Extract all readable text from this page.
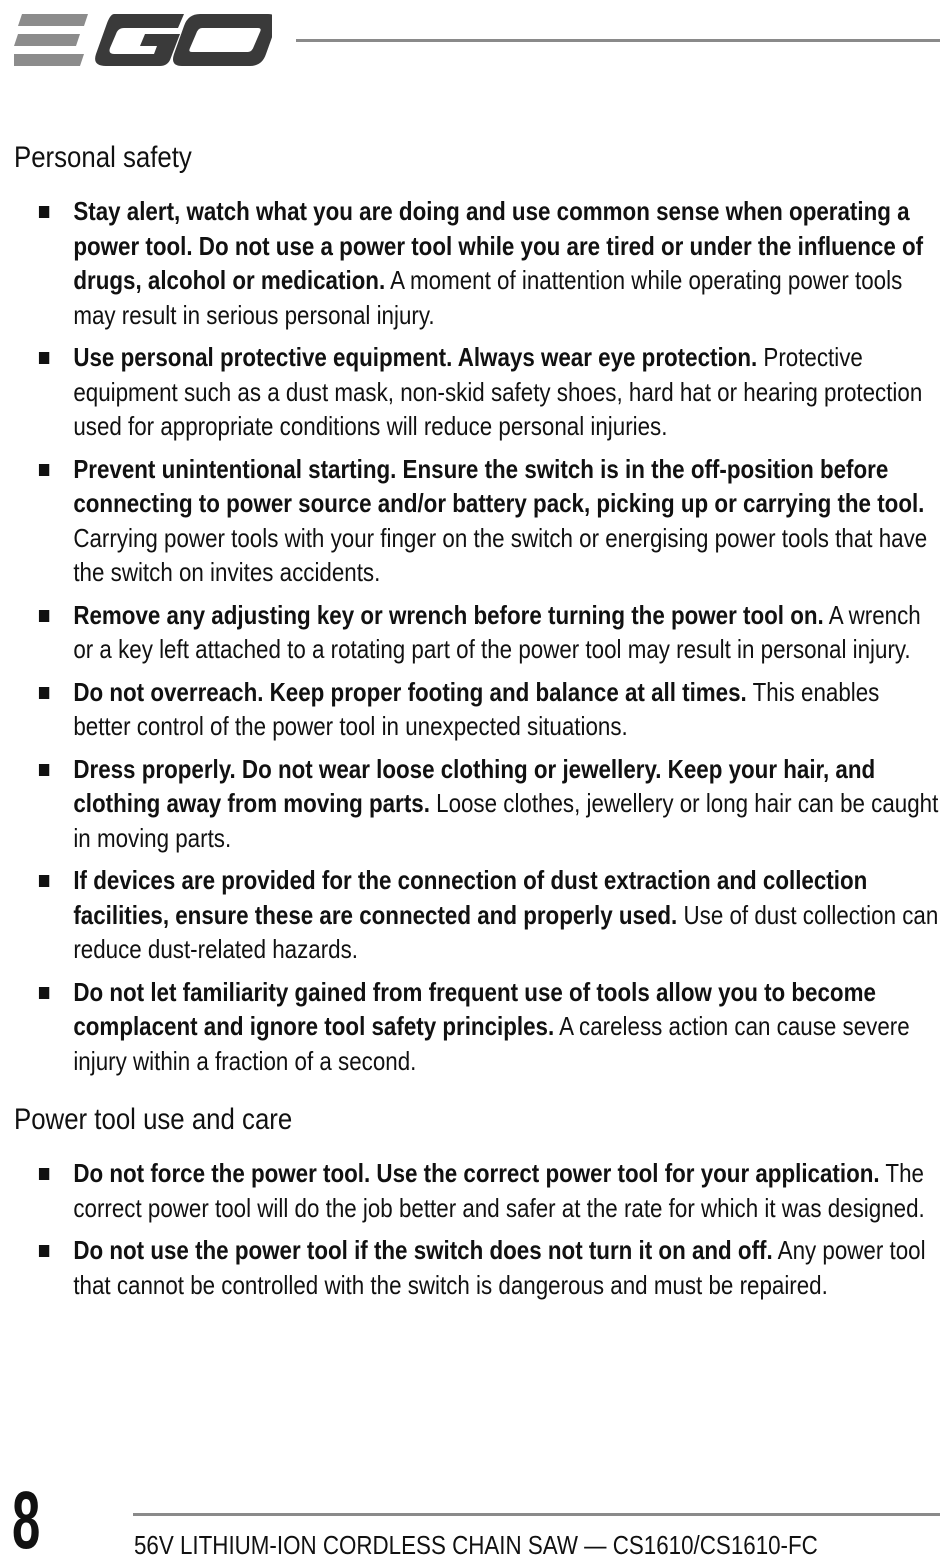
Personal safety
Stay alert, watch what you are doing and use common sense when operating a power tool. Do not use a power tool while you are tired or under the influence of drugs, alcohol or medication. A moment of inattention while operating power tools may result in serious personal injury.
Use personal protective equipment. Always wear eye protection. Protective equipment such as a dust mask, non-skid safety shoes, hard hat or hearing protection used for appropriate conditions will reduce personal injuries.
Prevent unintentional starting. Ensure the switch is in the off-position before connecting to power source and/or battery pack, picking up or carrying the tool. Carrying power tools with your finger on the switch or energising power tools that have the switch on invites accidents.
Remove any adjusting key or wrench before turning the power tool on. A wrench or a key left attached to a rotating part of the power tool may result in personal injury.
Do not overreach. Keep proper footing and balance at all times. This enables better control of the power tool in unexpected situations.
Dress properly. Do not wear loose clothing or jewellery. Keep your hair, and clothing away from moving parts. Loose clothes, jewellery or long hair can be caught in moving parts.
If devices are provided for the connection of dust extraction and collection facilities, ensure these are connected and properly used. Use of dust collection can reduce dust-related hazards.
Do not let familiarity gained from frequent use of tools allow you to become complacent and ignore tool safety principles. A careless action can cause severe injury within a fraction of a second.
Power tool use and care
Do not force the power tool. Use the correct power tool for your application. The correct power tool will do the job better and safer at the rate for which it was designed.
Do not use the power tool if the switch does not turn it on and off. Any power tool that cannot be controlled with the switch is dangerous and must be repaired.
8	56V LITHIUM-ION CORDLESS CHAIN SAW — CS1610/CS1610-FC
